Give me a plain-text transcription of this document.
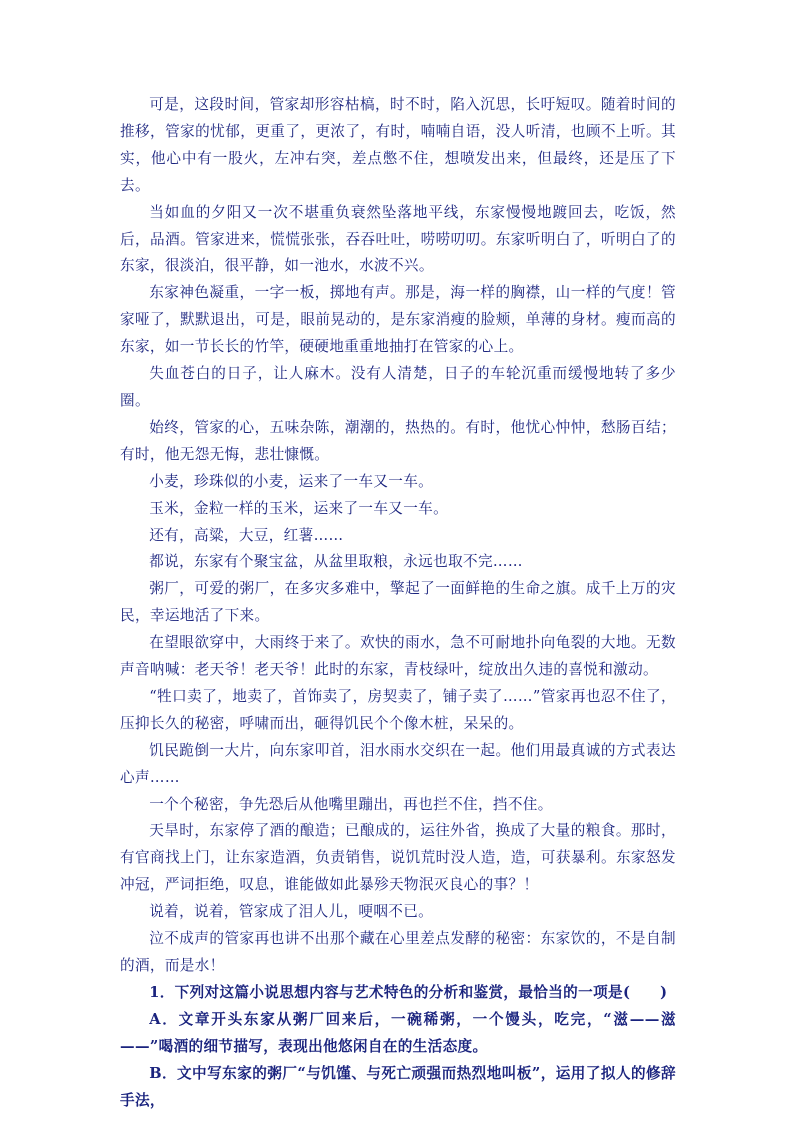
可是，这段时间，管家却形容枯槁，时不时，陷入沉思，长吁短叹。随着时间的推移，管家的忧郁，更重了，更浓了，有时，喃喃自语，没人听清，也顾不上听。其实，他心中有一股火，左冲右突，差点憋不住，想喷发出来，但最终，还是压了下去。

当如血的夕阳又一次不堪重负衰然坠落地平线，东家慢慢地踱回去，吃饭，然后，品酒。管家进来，慌慌张张，吞吞吐吐，唠唠叨叨。东家听明白了，听明白了的东家，很淡泊，很平静，如一池水，水波不兴。

东家神色凝重，一字一板，掷地有声。那是，海一样的胸襟，山一样的气度！管家哑了，默默退出，可是，眼前晃动的，是东家消瘦的脸颊，单薄的身材。瘦而高的东家，如一节长长的竹竿，硬硬地重重地抽打在管家的心上。

失血苍白的日子，让人麻木。没有人清楚，日子的车轮沉重而缓慢地转了多少圈。

始终，管家的心，五味杂陈，潮潮的，热热的。有时，他忧心忡忡，愁肠百结；有时，他无怨无悔，悲壮慷慨。

小麦，珍珠似的小麦，运来了一车又一车。

玉米，金粒一样的玉米，运来了一车又一车。

还有，高粱，大豆，红薯……

都说，东家有个聚宝盆，从盆里取粮，永远也取不完……

粥厂，可爱的粥厂，在多灾多难中，擎起了一面鲜艳的生命之旗。成千上万的灾民，幸运地活了下来。

在望眼欲穿中，大雨终于来了。欢快的雨水，急不可耐地扑向龟裂的大地。无数声音呐喊：老天爷！老天爷！此时的东家，青枝绿叶，绽放出久违的喜悦和激动。

“牲口卖了，地卖了，首饰卖了，房契卖了，铺子卖了……”管家再也忍不住了，压抑长久的秘密，呼啸而出，砸得饥民个个像木桩，呆呆的。

饥民跪倒一大片，向东家叩首，泪水雨水交织在一起。他们用最真诚的方式表达心声……

一个个秘密，争先恐后从他嘴里蹦出，再也拦不住，挡不住。

天旱时，东家停了酒的酿造；已酿成的，运往外省，换成了大量的粮食。那时，有官商找上门，让东家造酒，负责销售，说饥荒时没人造，造，可获暴利。东家怒发冲冠，严词拒绝，叹息，谁能做如此暴殄天物泯灭良心的事？！

说着，说着，管家成了泪人儿，哽咽不已。

泣不成声的管家再也讲不出那个藏在心里差点发酵的秘密：东家饮的，不是自制的酒，而是水！

1．下列对这篇小说思想内容与艺术特色的分析和鉴赏，最恰当的一项是(　　)

A．文章开头东家从粥厂回来后，一碗稀粥，一个馒头，吃完，“滋——滋——”喝酒的细节描写，表现出他悠闲自在的生活态度。

B．文中写东家的粥厂“与饥馑、与死亡顽强而热烈地叫板”，运用了拟人的修辞手法，
